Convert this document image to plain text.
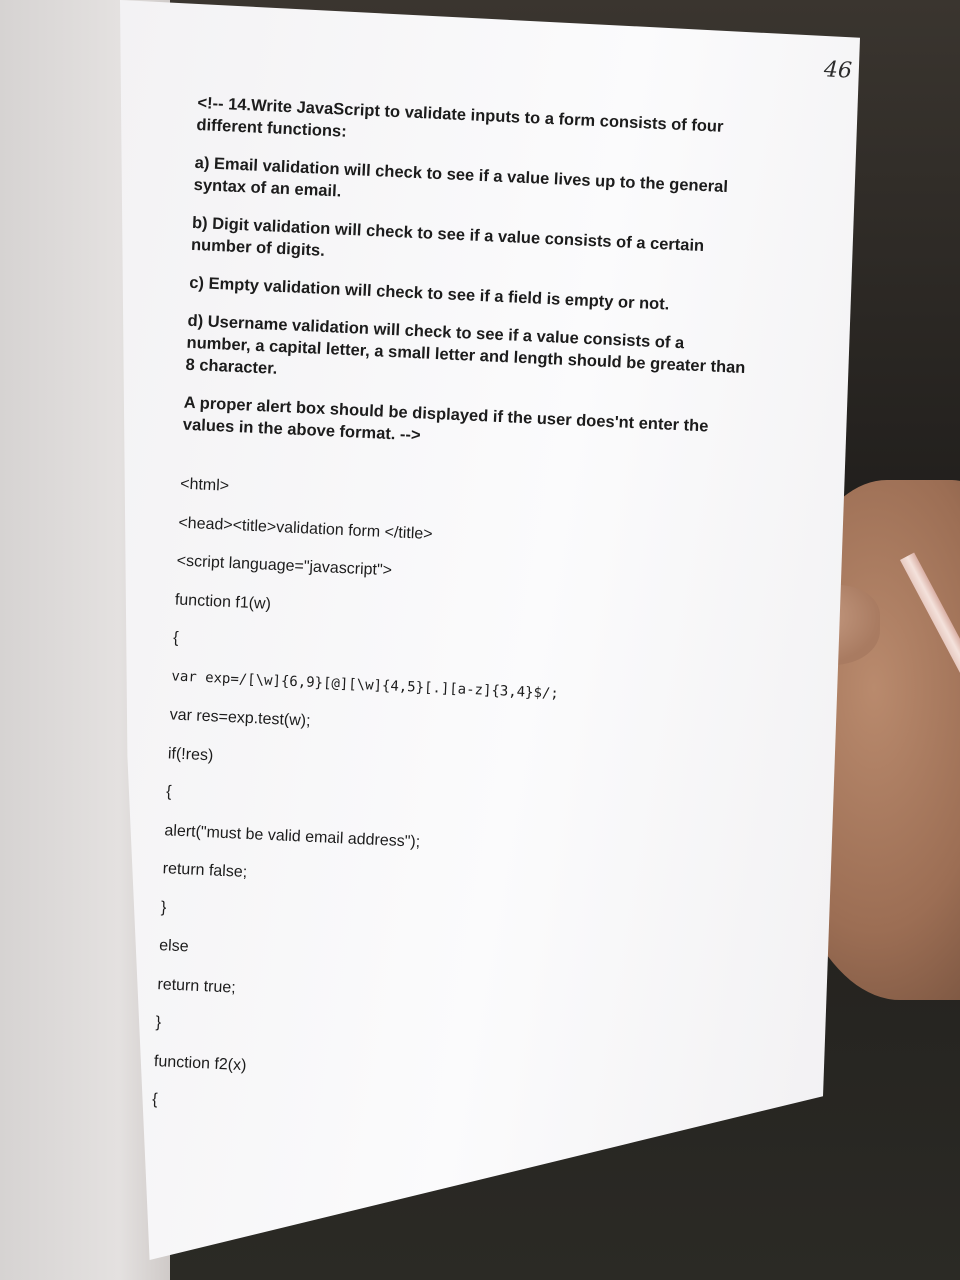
46

<!-- 14.Write JavaScript to validate inputs to a form consists of four different functions:

a) Email validation will check to see if a value lives up to the general syntax of an email.

b) Digit validation will check to see if a value consists of a certain number of digits.

c) Empty validation will check to see if a field is empty or not.

d) Username validation will check to see if a value consists of a number, a capital letter, a small letter and length should be greater than 8 character.

A proper alert box should be displayed if the user does'nt enter the values in the above format. -->

<html>
<head><title>validation form </title>
<script language="javascript">
function f1(w)
{
var exp=/[\w]{6,9}[@][\w]{4,5}[.][a-z]{3,4}$/;
var res=exp.test(w);
if(!res)
{
alert("must be valid email address");
return false;
}
else
return true;
}
function f2(x)
{
